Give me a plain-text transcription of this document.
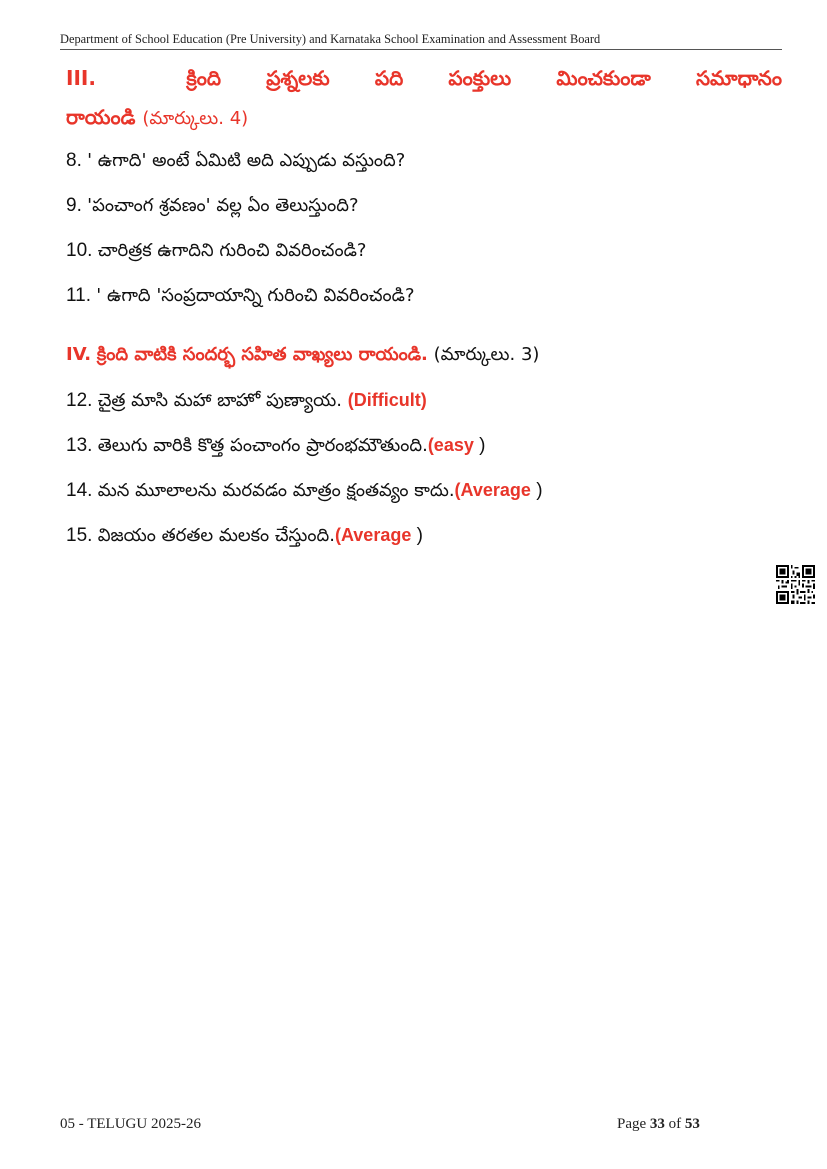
Department of School Education (Pre University) and Karnataka School Examination and Assessment Board
III.	క్రింది ప్రశ్నలకు పది పంక్తులు మించకుండా సమాధానం
రాయండి (మార్కులు. 4)
8. ' ఉగాది' అంటే ఏమిటి అది ఎప్పుడు వస్తుంది?
9. 'పంచాంగ శ్రవణం' వల్ల ఏం తెలుస్తుంది?
10. చారిత్రక ఉగాదిని గురించి వివరించండి?
11. ' ఉగాది 'సంప్రదాయాన్ని గురించి వివరించండి?
IV. క్రింది వాటికి సందర్భ సహిత వాఖ్యలు రాయండి. (మార్కులు. 3)
12. చైత్ర మాసి మహా బాహో పుణ్యాయ. (Difficult)
13. తెలుగు వారికి కొత్త పంచాంగం ప్రారంభమౌతుంది.(easy )
14. మన మూలాలను మరవడం మాత్రం క్షంతవ్యం కాదు.(Average )
15. విజయం తరతల మలకం చేస్తుంది.(Average )
05 - TELUGU 2025-26	Page 33 of 53
